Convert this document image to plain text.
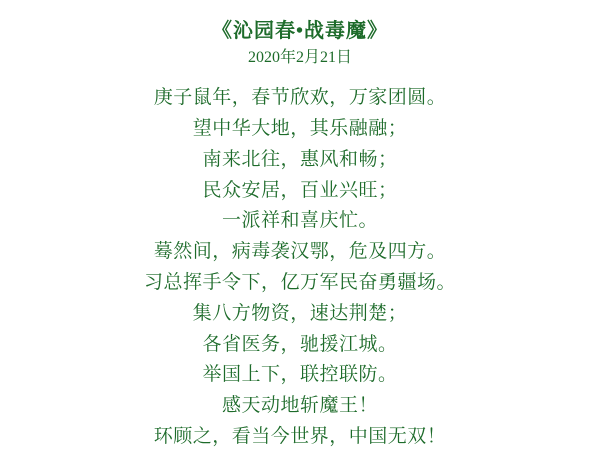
《沁园春•战毒魔》
2020年2月21日
庚子鼠年，春节欣欢，万家团圆。
望中华大地，其乐融融；
南来北往，惠风和畅；
民众安居，百业兴旺；
一派祥和喜庆忙。
蓦然间，病毒袭汉鄂，危及四方。
习总挥手令下，亿万军民奋勇疆场。
集八方物资，速达荆楚；
各省医务，驰援江城。
举国上下，联控联防。
感天动地斩魔王！
环顾之，看当今世界，中国无双！
